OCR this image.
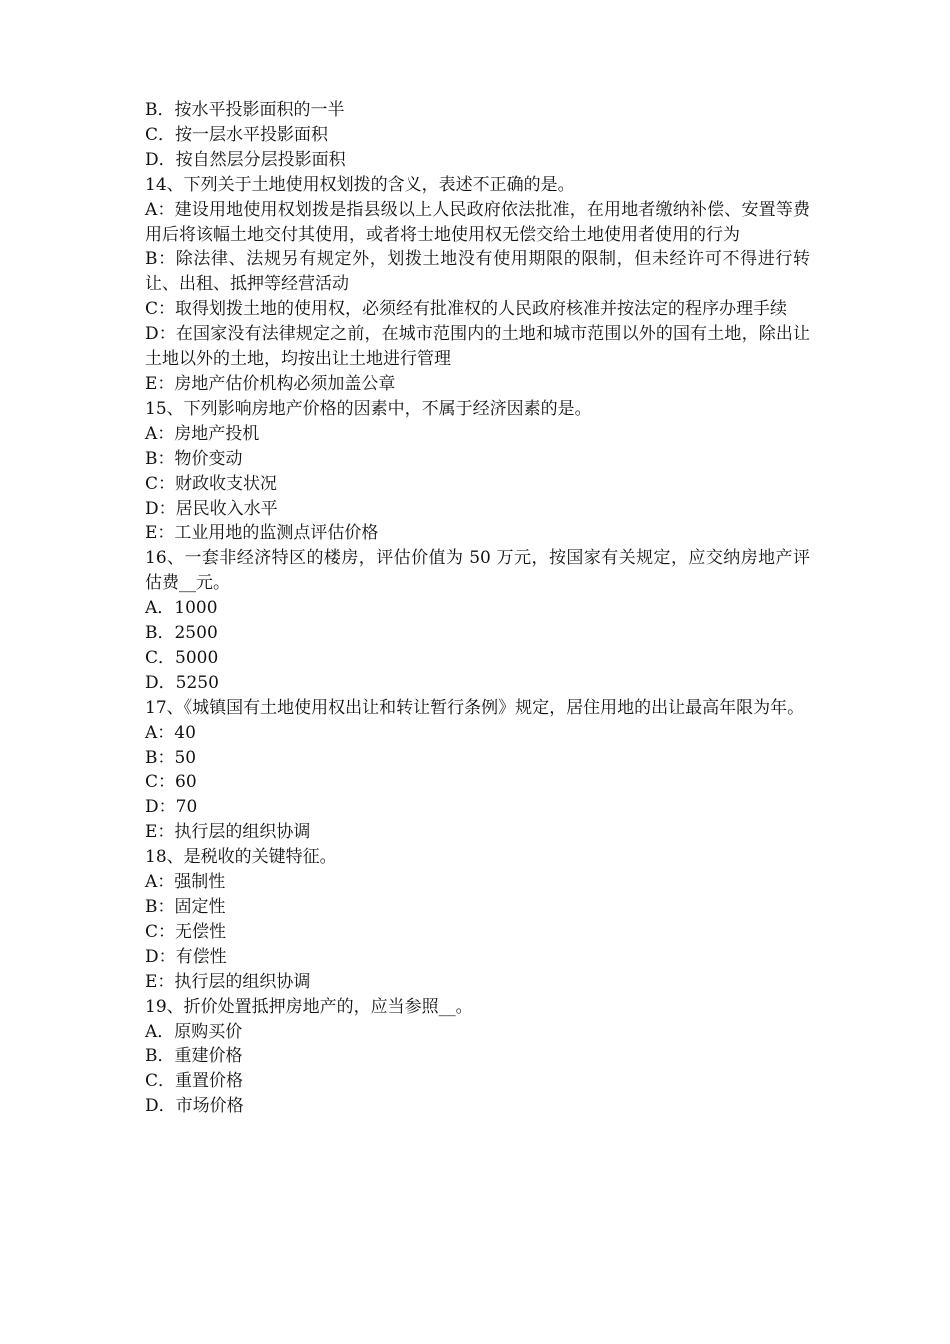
B．按水平投影面积的一半

C．按一层水平投影面积

D．按自然层分层投影面积

14、下列关于土地使用权划拨的含义，表述不正确的是。

A：建设用地使用权划拨是指县级以上人民政府依法批准，在用地者缴纳补偿、安置等费用后将该幅土地交付其使用，或者将士地使用权无偿交给土地使用者使用的行为

B：除法律、法规另有规定外，划拨土地没有使用期限的限制，但未经许可不得进行转让、出租、抵押等经营活动

C：取得划拨土地的使用权，必须经有批准权的人民政府核准并按法定的程序办理手续

D：在国家没有法律规定之前，在城市范围内的土地和城市范围以外的国有土地，除出让土地以外的土地，均按出让土地进行管理

E：房地产估价机构必须加盖公章

15、下列影响房地产价格的因素中，不属于经济因素的是。

A：房地产投机

B：物价变动

C：财政收支状况

D：居民收入水平

E：工业用地的监测点评估价格

16、一套非经济特区的楼房，评估价值为 50 万元，按国家有关规定，应交纳房地产评估费__元。

A．1000

B．2500

C．5000

D．5250

17、《城镇国有土地使用权出让和转让暂行条例》规定，居住用地的出让最高年限为年。

A：40

B：50

C：60

D：70

E：执行层的组织协调

18、是税收的关键特征。

A：强制性

B：固定性

C：无偿性

D：有偿性

E：执行层的组织协调

19、折价处置抵押房地产的，应当参照__。

A．原购买价

B．重建价格

C．重置价格

D．市场价格
